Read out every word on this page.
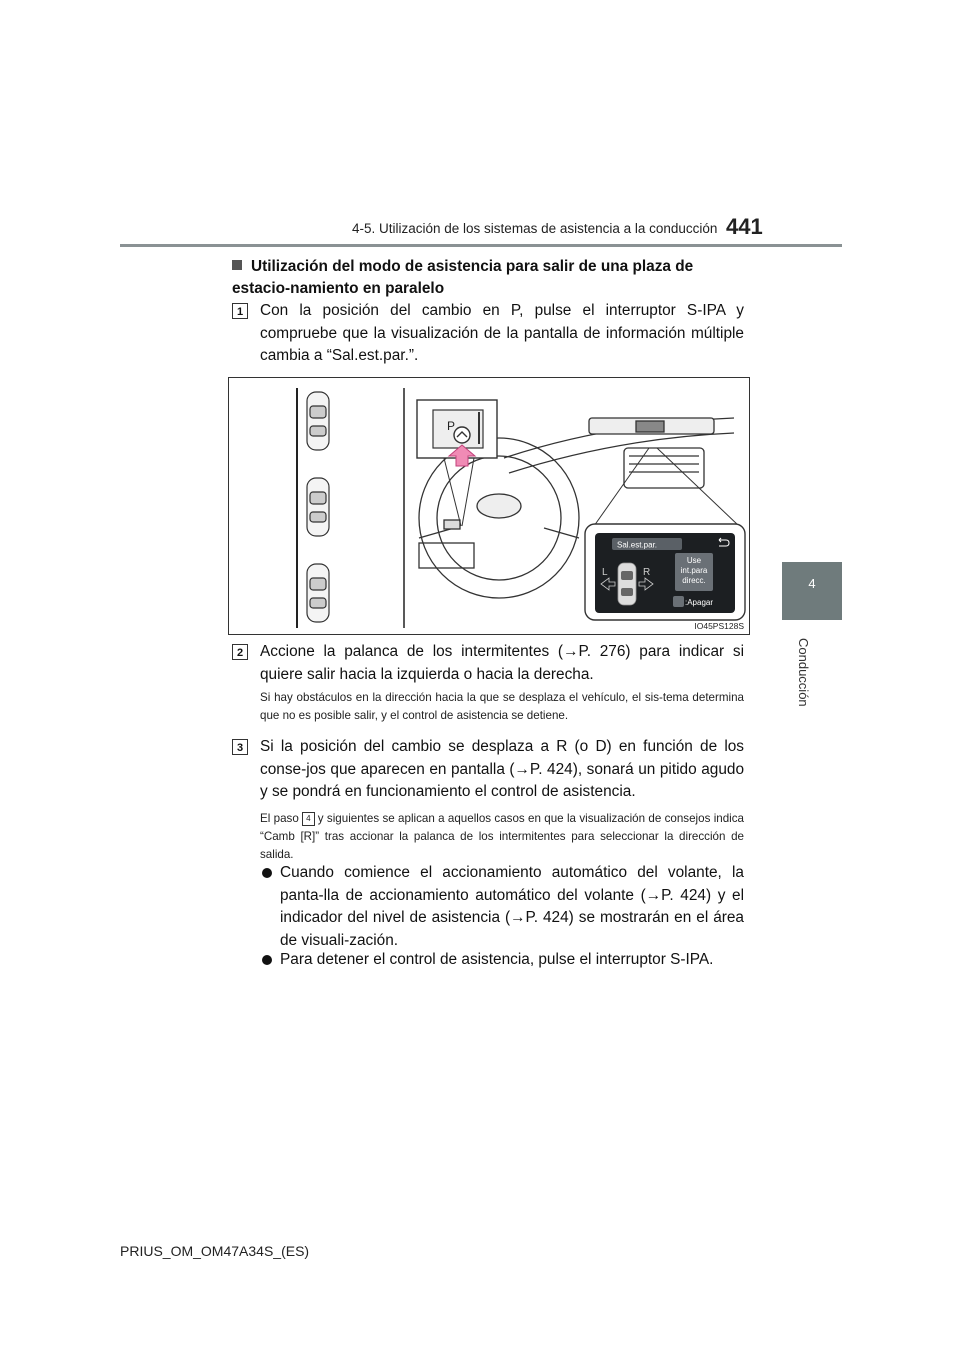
4-5. Utilización de los sistemas de asistencia a la conducción 441
4
Conducción
Utilización del modo de asistencia para salir de una plaza de estacio-namiento en paralelo
1	Con la posición del cambio en P, pulse el interruptor S-IPA y compruebe que la visualización de la pantalla de información múltiple cambia a “Sal.est.par.”.
P
Sal.est.par.
L	R
Use
int.para
direcc.
:Apagar
IO45PS128S
2	Accione la palanca de los intermitentes (→P. 276) para indicar si quiere salir hacia la izquierda o hacia la derecha.
Si hay obstáculos en la dirección hacia la que se desplaza el vehículo, el sis-tema determina que no es posible salir, y el control de asistencia se detiene.
3	Si la posición del cambio se desplaza a R (o D) en función de los conse-jos que aparecen en pantalla (→P. 424), sonará un pitido agudo y se pondrá en funcionamiento el control de asistencia.
El paso 4 y siguientes se aplican a aquellos casos en que la visualización de consejos indica “Camb [R]” tras accionar la palanca de los intermitentes para seleccionar la dirección de salida.
Cuando comience el accionamiento automático del volante, la panta-lla de accionamiento automático del volante (→P. 424) y el indicador del nivel de asistencia (→P. 424) se mostrarán en el área de visuali-zación.
Para detener el control de asistencia, pulse el interruptor S-IPA.
PRIUS_OM_OM47A34S_(ES)
